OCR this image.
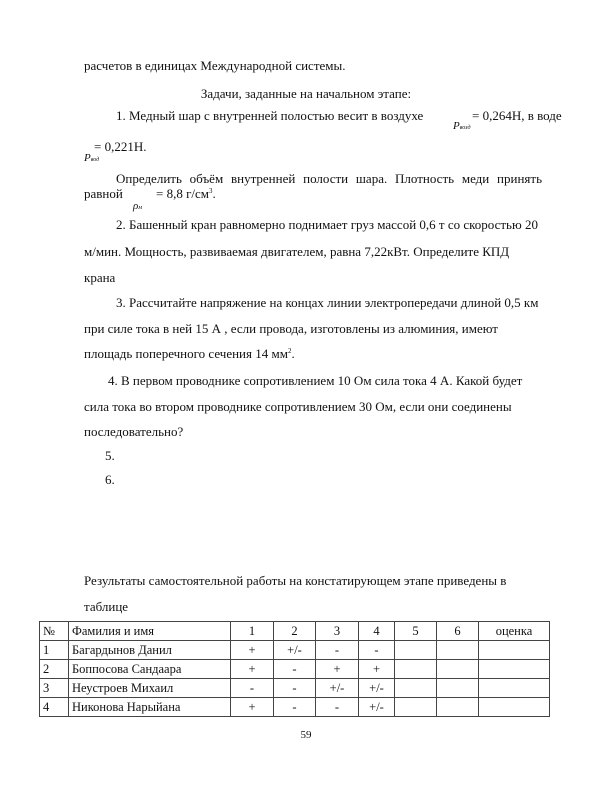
расчетов в единицах Международной системы.
Задачи, заданные на начальном этапе:
1. Медный шар с внутренней полостью весит в воздухе
Pвозд
= 0,264Н, в воде
= 0,221Н.
Pвод
Определить объём внутренней полости шара. Плотность меди принять
равной
ρм
= 8,8 $г/см^3$.
2. Башенный кран равномерно поднимает груз массой 0,6 т со скоростью 20
м/мин. Мощность, развиваемая двигателем, равна 7,22кВт. Определите КПД
крана
3. Рассчитайте напряжение на концах линии электропередачи длиной 0,5 км
при силе тока в ней 15 А , если провода, изготовлены из алюминия, имеют
площадь поперечного сечения 14 $мм^2$.
4. В первом проводнике сопротивлением 10 Ом сила тока 4 А. Какой будет
сила тока во втором проводнике сопротивлением 30 Ом, если они соединены
последовательно?
5.
6.
Результаты самостоятельной работы на констатирующем этапе приведены в
таблице
№	Фамилия и имя	1	2	3	4	5	6	оценка
1	Багардынов Данил	+	+/-	-	-			
2	Боппосова Сандаара	+	-	+	+			
3	Неустроев Михаил	-	-	+/-	+/-			
4	Никонова Нарыйана	+	-	-	+/-			
59
